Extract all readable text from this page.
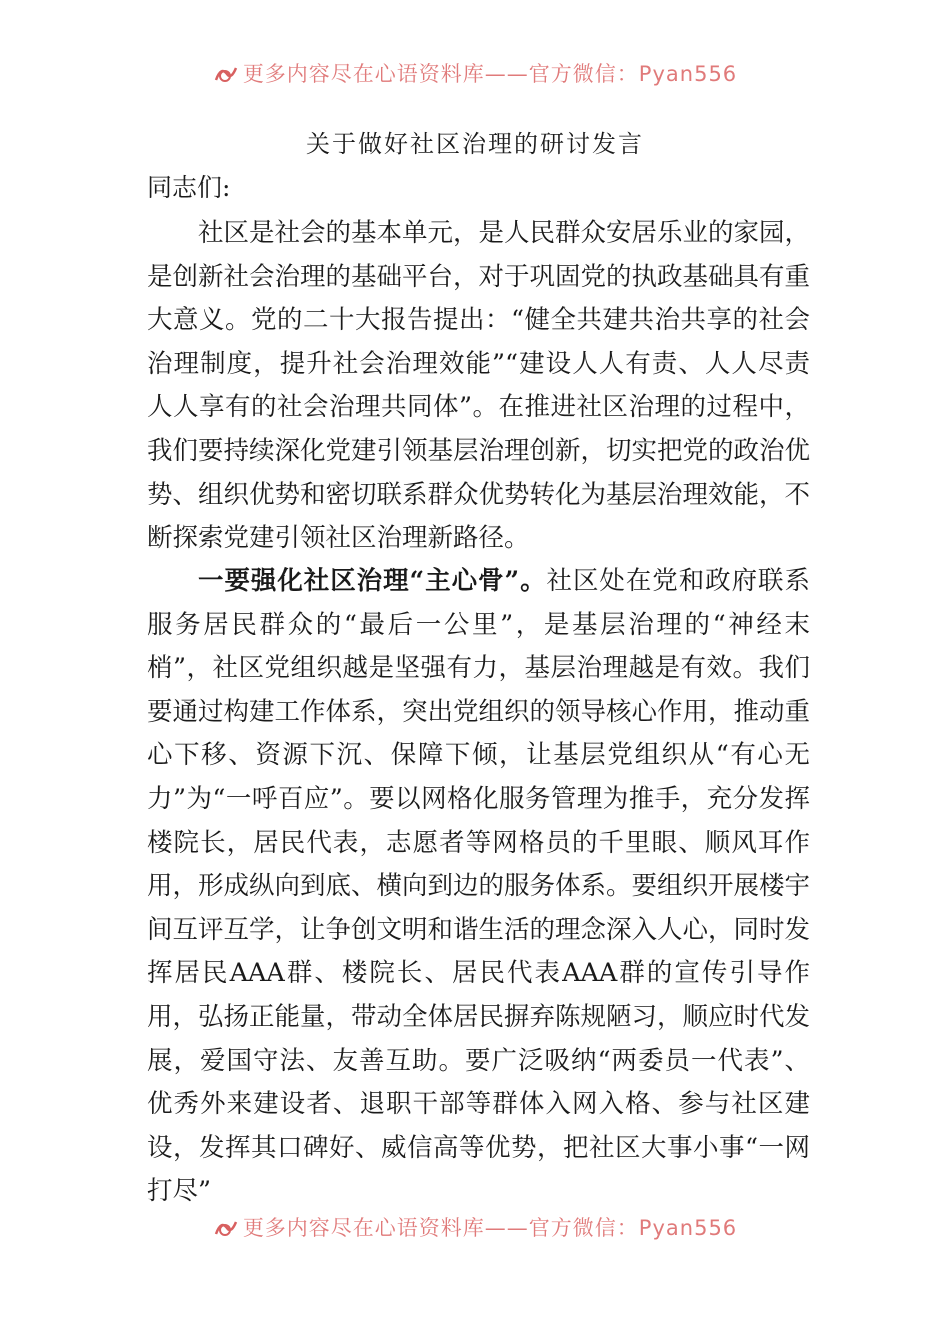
更多内容尽在心语资料库——官方微信：Pyan556
关于做好社区治理的研讨发言
同志们:

社区是社会的基本单元，是人民群众安居乐业的家园，是创新社会治理的基础平台，对于巩固党的执政基础具有重大意义。党的二十大报告提出：“健全共建共治共享的社会治理制度，提升社会治理效能”“建设人人有责、人人尽责人人享有的社会治理共同体”。在推进社区治理的过程中，我们要持续深化党建引领基层治理创新，切实把党的政治优势、组织优势和密切联系群众优势转化为基层治理效能，不断探索党建引领社区治理新路径。

一要强化社区治理“主心骨”。社区处在党和政府联系服务居民群众的“最后一公里”，是基层治理的“神经末梢”，社区党组织越是坚强有力，基层治理越是有效。我们要通过构建工作体系，突出党组织的领导核心作用，推动重心下移、资源下沉、保障下倾，让基层党组织从“有心无力”为“一呼百应”。要以网格化服务管理为推手，充分发挥楼院长，居民代表，志愿者等网格员的千里眼、顺风耳作用，形成纵向到底、横向到边的服务体系。要组织开展楼宇间互评互学，让争创文明和谐生活的理念深入人心，同时发挥居民AAA群、楼院长、居民代表AAA群的宣传引导作用，弘扬正能量，带动全体居民摒弃陈规陋习，顺应时代发展，爱国守法、友善互助。要广泛吸纳“两委员一代表”、优秀外来建设者、退职干部等群体入网入格、参与社区建设，发挥其口碑好、威信高等优势，把社区大事小事“一网打尽”

更多内容尽在心语资料库——官方微信：Pyan556
